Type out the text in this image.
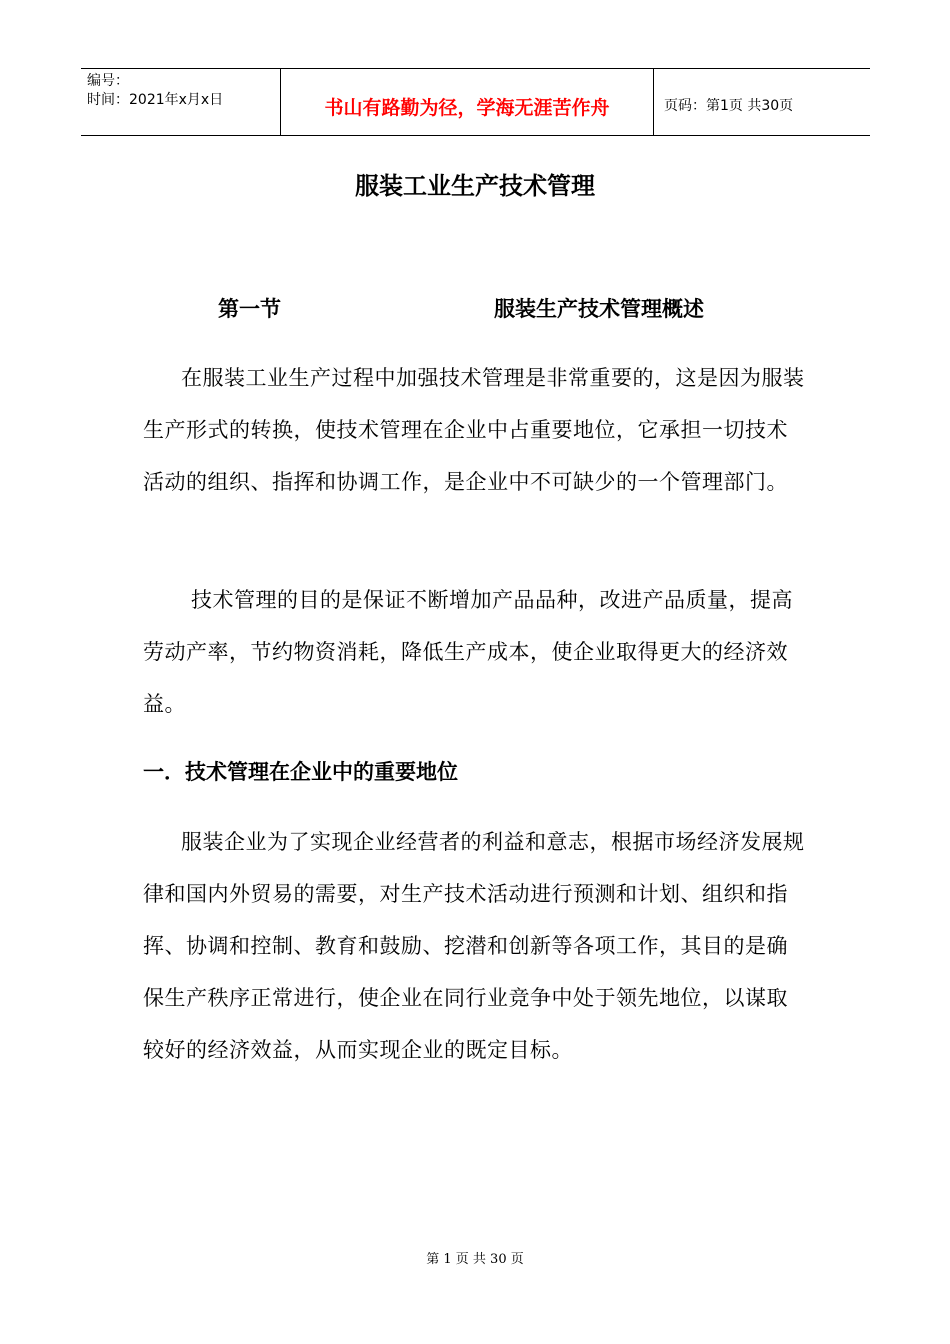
编号：
时间：2021年x月x日	书山有路勤为径，学海无涯苦作舟	页码：第1页 共30页
服装工业生产技术管理
第一节	服装生产技术管理概述
在服装工业生产过程中加强技术管理是非常重要的，这是因为服装生产形式的转换，使技术管理在企业中占重要地位，它承担一切技术活动的组织、指挥和协调工作，是企业中不可缺少的一个管理部门。
技术管理的目的是保证不断增加产品品种，改进产品质量，提高劳动产率，节约物资消耗，降低生产成本，使企业取得更大的经济效益。
一．技术管理在企业中的重要地位
服装企业为了实现企业经营者的利益和意志，根据市场经济发展规律和国内外贸易的需要，对生产技术活动进行预测和计划、组织和指挥、协调和控制、教育和鼓励、挖潜和创新等各项工作，其目的是确保生产秩序正常进行，使企业在同行业竞争中处于领先地位，以谋取较好的经济效益，从而实现企业的既定目标。
第 1 页 共 30 页
